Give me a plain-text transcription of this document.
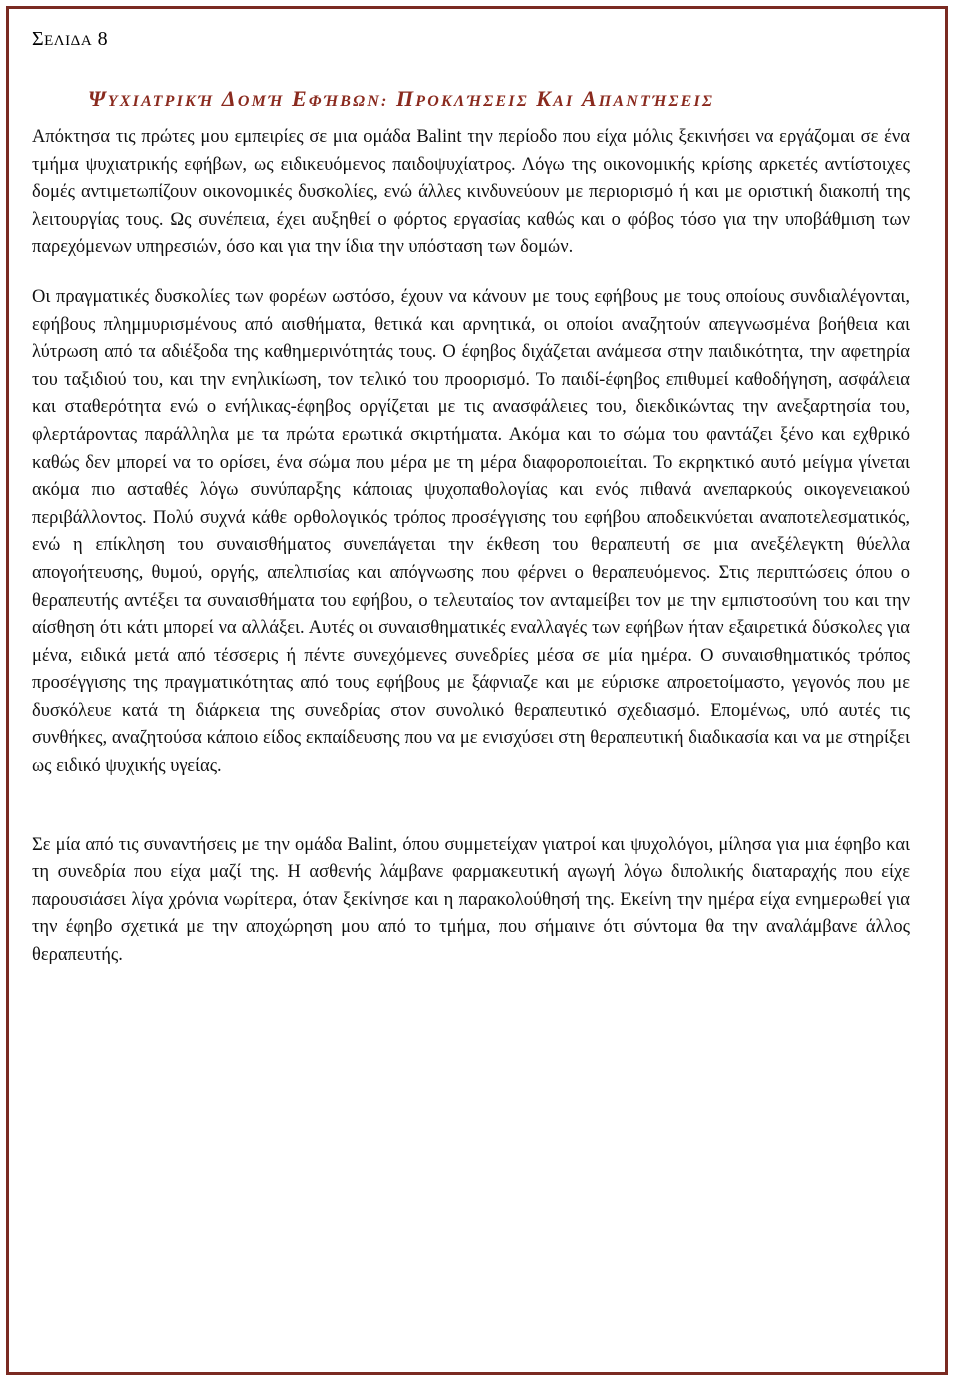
ΣΕΛΙΔΑ 8
ΨΥΧΙΑΤΡΙΚΉ ΔΟΜΉ ΕΦΉΒΩΝ: ΠΡΟΚΛΉΣΕΙΣ ΚΑΙ ΑΠΑΝΤΉΣΕΙΣ

Απόκτησα τις πρώτες μου εμπειρίες σε μια ομάδα Balint την περίοδο που είχα μόλις ξεκινήσει να εργάζομαι σε ένα τμήμα ψυχιατρικής εφήβων, ως ειδικευόμενος παιδοψυχίατρος. Λόγω της οικονομικής κρίσης αρκετές αντίστοιχες δομές αντιμετωπίζουν οικονομικές δυσκολίες, ενώ άλλες κινδυνεύουν με περιορισμό ή και με οριστική διακοπή της λειτουργίας τους. Ως συνέπεια, έχει αυξηθεί ο φόρτος εργασίας καθώς και ο φόβος τόσο για την υποβάθμιση των παρεχόμενων υπηρεσιών, όσο και για την ίδια την υπόσταση των δομών.

Οι πραγματικές δυσκολίες των φορέων ωστόσο, έχουν να κάνουν με τους εφήβους με τους οποίους συνδιαλέγονται, εφήβους πλημμυρισμένους από αισθήματα, θετικά και αρνητικά, οι οποίοι αναζητούν απεγνωσμένα βοήθεια και λύτρωση από τα αδιέξοδα της καθημερινότητάς τους. Ο έφηβος διχάζεται ανάμεσα στην παιδικότητα, την αφετηρία του ταξιδιού του, και την ενηλικίωση, τον τελικό του προορισμό. Το παιδί-έφηβος επιθυμεί καθοδήγηση, ασφάλεια και σταθερότητα ενώ ο ενήλικας-έφηβος οργίζεται με τις ανασφάλειες του, διεκδικώντας την ανεξαρτησία του, φλερτάροντας παράλληλα με τα πρώτα ερωτικά σκιρτήματα. Ακόμα και το σώμα του φαντάζει ξένο και εχθρικό καθώς δεν μπορεί να το ορίσει, ένα σώμα που μέρα με τη μέρα διαφοροποιείται. Το εκρηκτικό αυτό μείγμα γίνεται ακόμα πιο ασταθές λόγω συνύπαρξης κάποιας ψυχοπαθολογίας και ενός πιθανά ανεπαρκούς οικογενειακού περιβάλλοντος. Πολύ συχνά κάθε ορθολογικός τρόπος προσέγγισης του εφήβου αποδεικνύεται αναποτελεσματικός, ενώ η επίκληση του συναισθήματος συνεπάγεται την έκθεση του θεραπευτή σε μια ανεξέλεγκτη θύελλα απογοήτευσης, θυμού, οργής, απελπισίας και απόγνωσης που φέρνει ο θεραπευόμενος. Στις περιπτώσεις όπου ο θεραπευτής αντέξει τα συναισθήματα του εφήβου, ο τελευταίος τον ανταμείβει τον με την εμπιστοσύνη του και την αίσθηση ότι κάτι μπορεί να αλλάξει. Αυτές οι συναισθηματικές εναλλαγές των εφήβων ήταν εξαιρετικά δύσκολες για μένα, ειδικά μετά από τέσσερις ή πέντε συνεχόμενες συνεδρίες μέσα σε μία ημέρα. Ο συναισθηματικός τρόπος προσέγγισης της πραγματικότητας από τους εφήβους με ξάφνιαζε και με εύρισκε απροετοίμαστο, γεγονός που με δυσκόλευε κατά τη διάρκεια της συνεδρίας στον συνολικό θεραπευτικό σχεδιασμό. Επομένως, υπό αυτές τις συνθήκες, αναζητούσα κάποιο είδος εκπαίδευσης που να με ενισχύσει στη θεραπευτική διαδικασία και να με στηρίξει ως ειδικό ψυχικής υγείας.

Σε μία από τις συναντήσεις με την ομάδα Balint, όπου συμμετείχαν γιατροί και ψυχολόγοι, μίλησα για μια έφηβο και τη συνεδρία που είχα μαζί της. Η ασθενής λάμβανε φαρμακευτική αγωγή λόγω διπολικής διαταραχής που είχε παρουσιάσει λίγα χρόνια νωρίτερα, όταν ξεκίνησε και η παρακολούθησή της. Εκείνη την ημέρα είχα ενημερωθεί για την έφηβο σχετικά με την αποχώρηση μου από το τμήμα, που σήμαινε ότι σύντομα θα την αναλάμβανε άλλος θεραπευτής.
